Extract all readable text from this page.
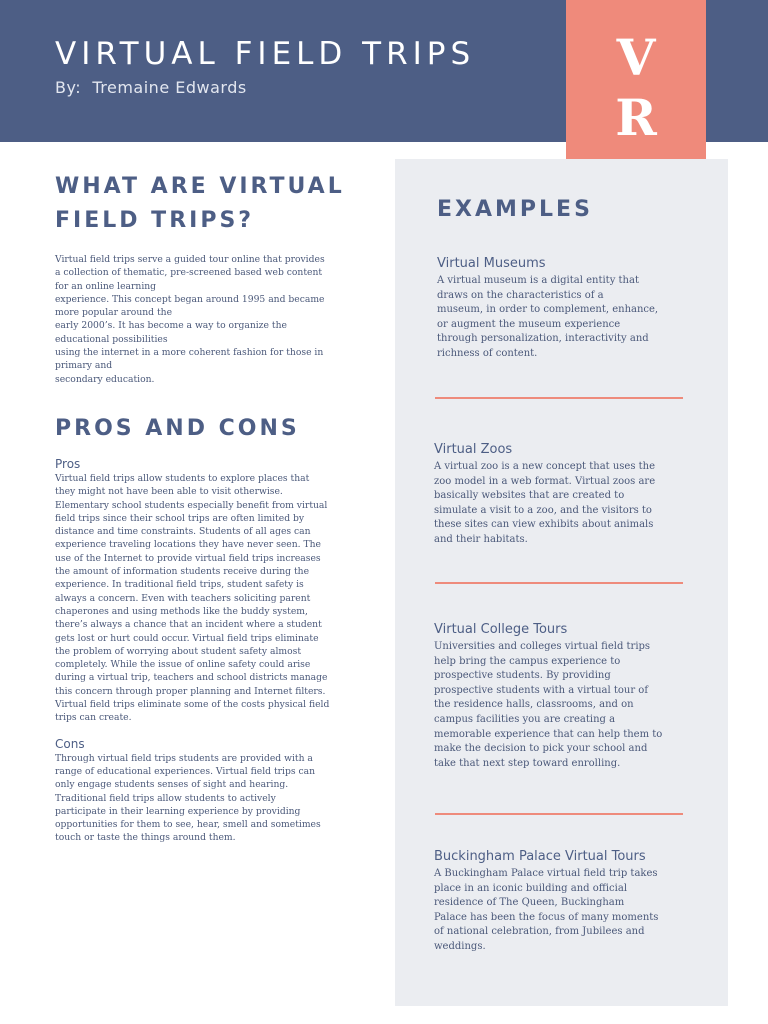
VIRTUAL FIELD TRIPS
By:  Tremaine Edwards
V
R
WHAT ARE VIRTUAL FIELD TRIPS?

Virtual field trips serve a guided tour online that provides
a collection of thematic, pre-screened based web content
for an online learning
experience. This concept began around 1995 and became
more popular around the
early 2000’s. It has become a way to organize the
educational possibilities
using the internet in a more coherent fashion for those in
primary and
secondary education.

PROS AND CONS
Pros

Virtual field trips allow students to explore places that
they might not have been able to visit otherwise.
Elementary school students especially benefit from virtual
field trips since their school trips are often limited by
distance and time constraints. Students of all ages can
experience traveling locations they have never seen. The
use of the Internet to provide virtual field trips increases
the amount of information students receive during the
experience. In traditional field trips, student safety is
always a concern. Even with teachers soliciting parent
chaperones and using methods like the buddy system,
there’s always a chance that an incident where a student
gets lost or hurt could occur. Virtual field trips eliminate
the problem of worrying about student safety almost
completely. While the issue of online safety could arise
during a virtual trip, teachers and school districts manage
this concern through proper planning and Internet filters.
Virtual field trips eliminate some of the costs physical field
trips can create.

Cons

Through virtual field trips students are provided with a
range of educational experiences. Virtual field trips can
only engage students senses of sight and hearing.
Traditional field trips allow students to actively
participate in their learning experience by providing
opportunities for them to see, hear, smell and sometimes
touch or taste the things around them.

EXAMPLES
Virtual Museums

A virtual museum is a digital entity that
draws on the characteristics of a
museum, in order to complement, enhance,
or augment the museum experience
through personalization, interactivity and
richness of content.

Virtual Zoos

A virtual zoo is a new concept that uses the
zoo model in a web format. Virtual zoos are
basically websites that are created to
simulate a visit to a zoo, and the visitors to
these sites can view exhibits about animals
and their habitats.

Virtual College Tours

Universities and colleges virtual field trips
help bring the campus experience to
prospective students. By providing
prospective students with a virtual tour of
the residence halls, classrooms, and on
campus facilities you are creating a
memorable experience that can help them to
make the decision to pick your school and
take that next step toward enrolling.

Buckingham Palace Virtual Tours

A Buckingham Palace virtual field trip takes
place in an iconic building and official
residence of The Queen, Buckingham
Palace has been the focus of many moments
of national celebration, from Jubilees and
weddings.
